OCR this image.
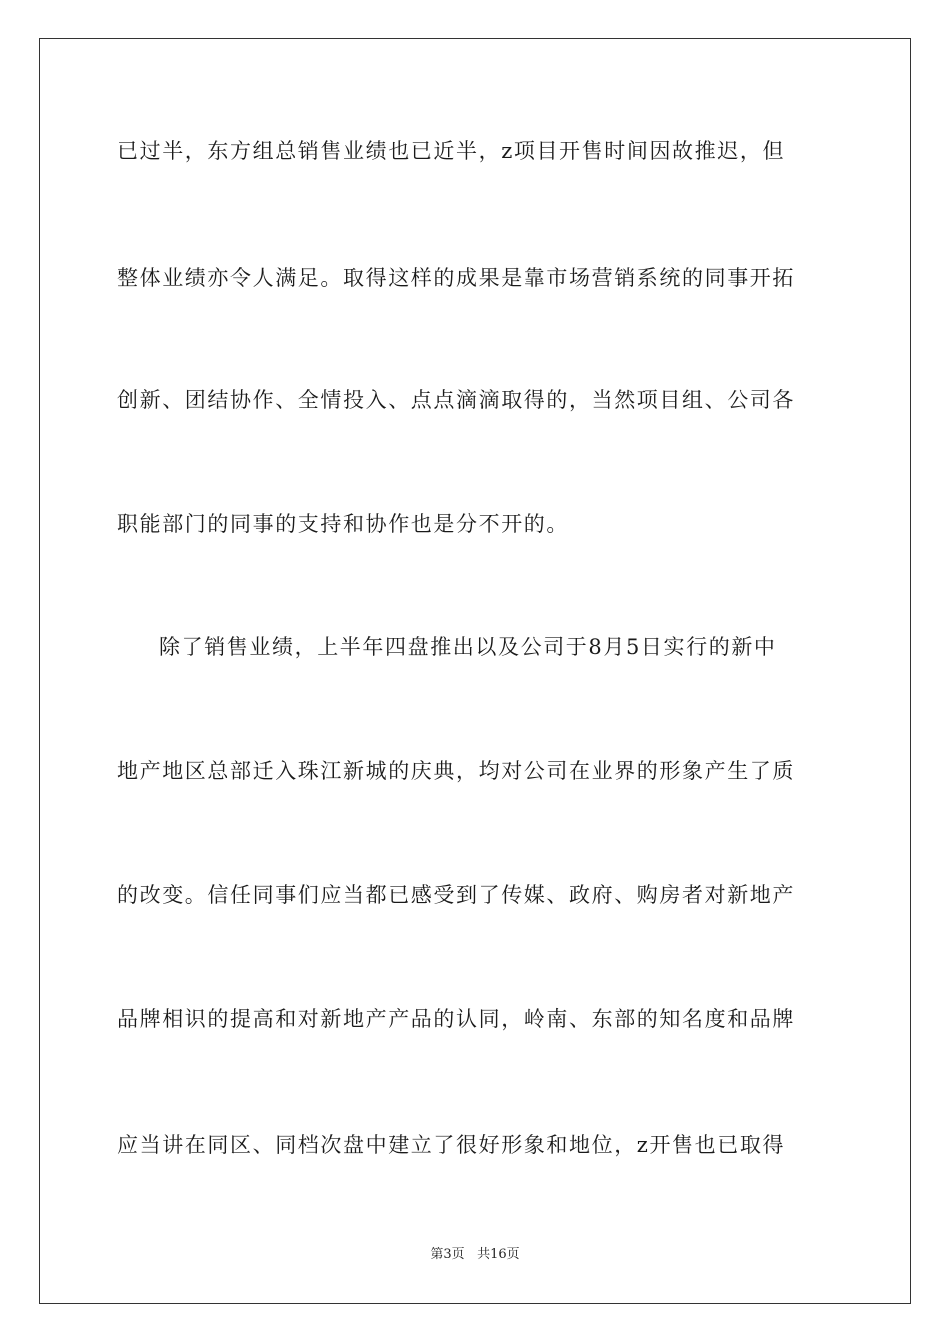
已过半，东方组总销售业绩也已近半，z项目开售时间因故推迟，但
整体业绩亦令人满足。取得这样的成果是靠市场营销系统的同事开拓
创新、团结协作、全情投入、点点滴滴取得的，当然项目组、公司各
职能部门的同事的支持和协作也是分不开的。
除了销售业绩，上半年四盘推出以及公司于8月5日实行的新中
地产地区总部迁入珠江新城的庆典，均对公司在业界的形象产生了质
的改变。信任同事们应当都已感受到了传媒、政府、购房者对新地产
品牌相识的提高和对新地产产品的认同，岭南、东部的知名度和品牌
应当讲在同区、同档次盘中建立了很好形象和地位，z开售也已取得
第3页 共16页
